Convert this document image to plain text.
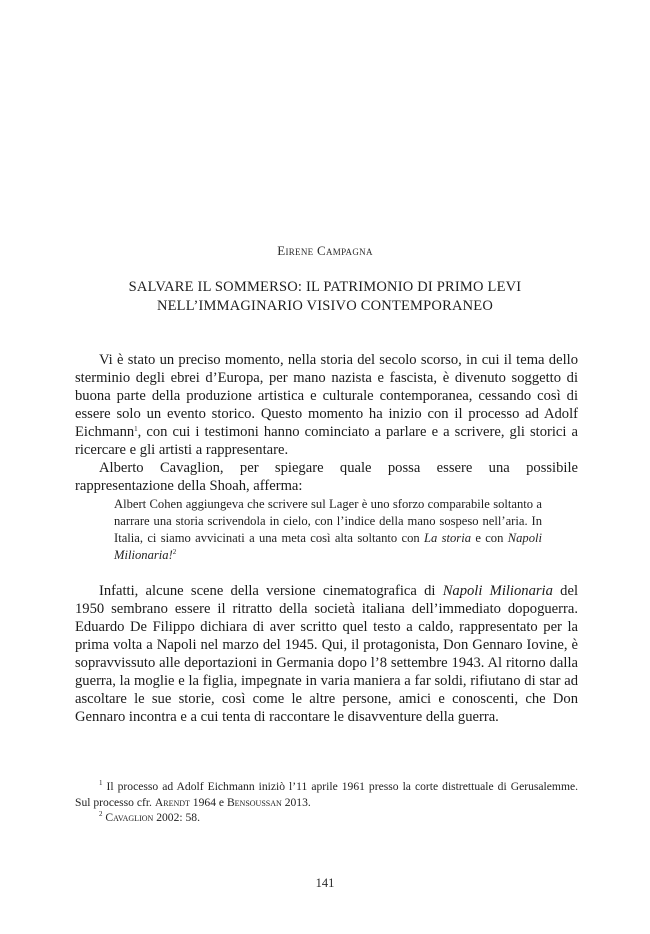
Eirene Campagna
SALVARE IL SOMMERSO: IL PATRIMONIO DI PRIMO LEVI
NELL’IMMAGINARIO VISIVO CONTEMPORANEO

Vi è stato un preciso momento, nella storia del secolo scorso, in cui il tema dello sterminio degli ebrei d’Europa, per mano nazista e fascista, è divenuto soggetto di buona parte della produzione artistica e culturale contemporanea, cessando così di essere solo un evento storico. Questo momento ha inizio con il processo ad Adolf Eichmann$^1$, con cui i testimoni hanno cominciato a parlare e a scrivere, gli storici a ricercare e gli artisti a rappresentare.

Alberto Cavaglion, per spiegare quale possa essere una possibile rappresentazione della Shoah, afferma:

Albert Cohen aggiungeva che scrivere sul Lager è uno sforzo comparabile soltanto a narrare una storia scrivendola in cielo, con l’indice della mano sospeso nell’aria. In Italia, ci siamo avvicinati a una meta così alta soltanto con La storia e con Napoli Milionaria!$^2$

Infatti, alcune scene della versione cinematografica di Napoli Milionaria del 1950 sembrano essere il ritratto della società italiana dell’immediato dopoguerra. Eduardo De Filippo dichiara di aver scritto quel testo a caldo, rappresentato per la prima volta a Napoli nel marzo del 1945. Qui, il protagonista, Don Gennaro Iovine, è sopravvissuto alle deportazioni in Germania dopo l’8 settembre 1943. Al ritorno dalla guerra, la moglie e la figlia, impegnate in varia maniera a far soldi, rifiutano di star ad ascoltare le sue storie, così come le altre persone, amici e conoscenti, che Don Gennaro incontra e a cui tenta di raccontare le disavventure della guerra.

$^1$ Il processo ad Adolf Eichmann iniziò l’11 aprile 1961 presso la corte distrettuale di Gerusalemme. Sul processo cfr. Arendt 1964 e Bensoussan 2013.

$^2$ Cavaglion 2002: 58.

141
